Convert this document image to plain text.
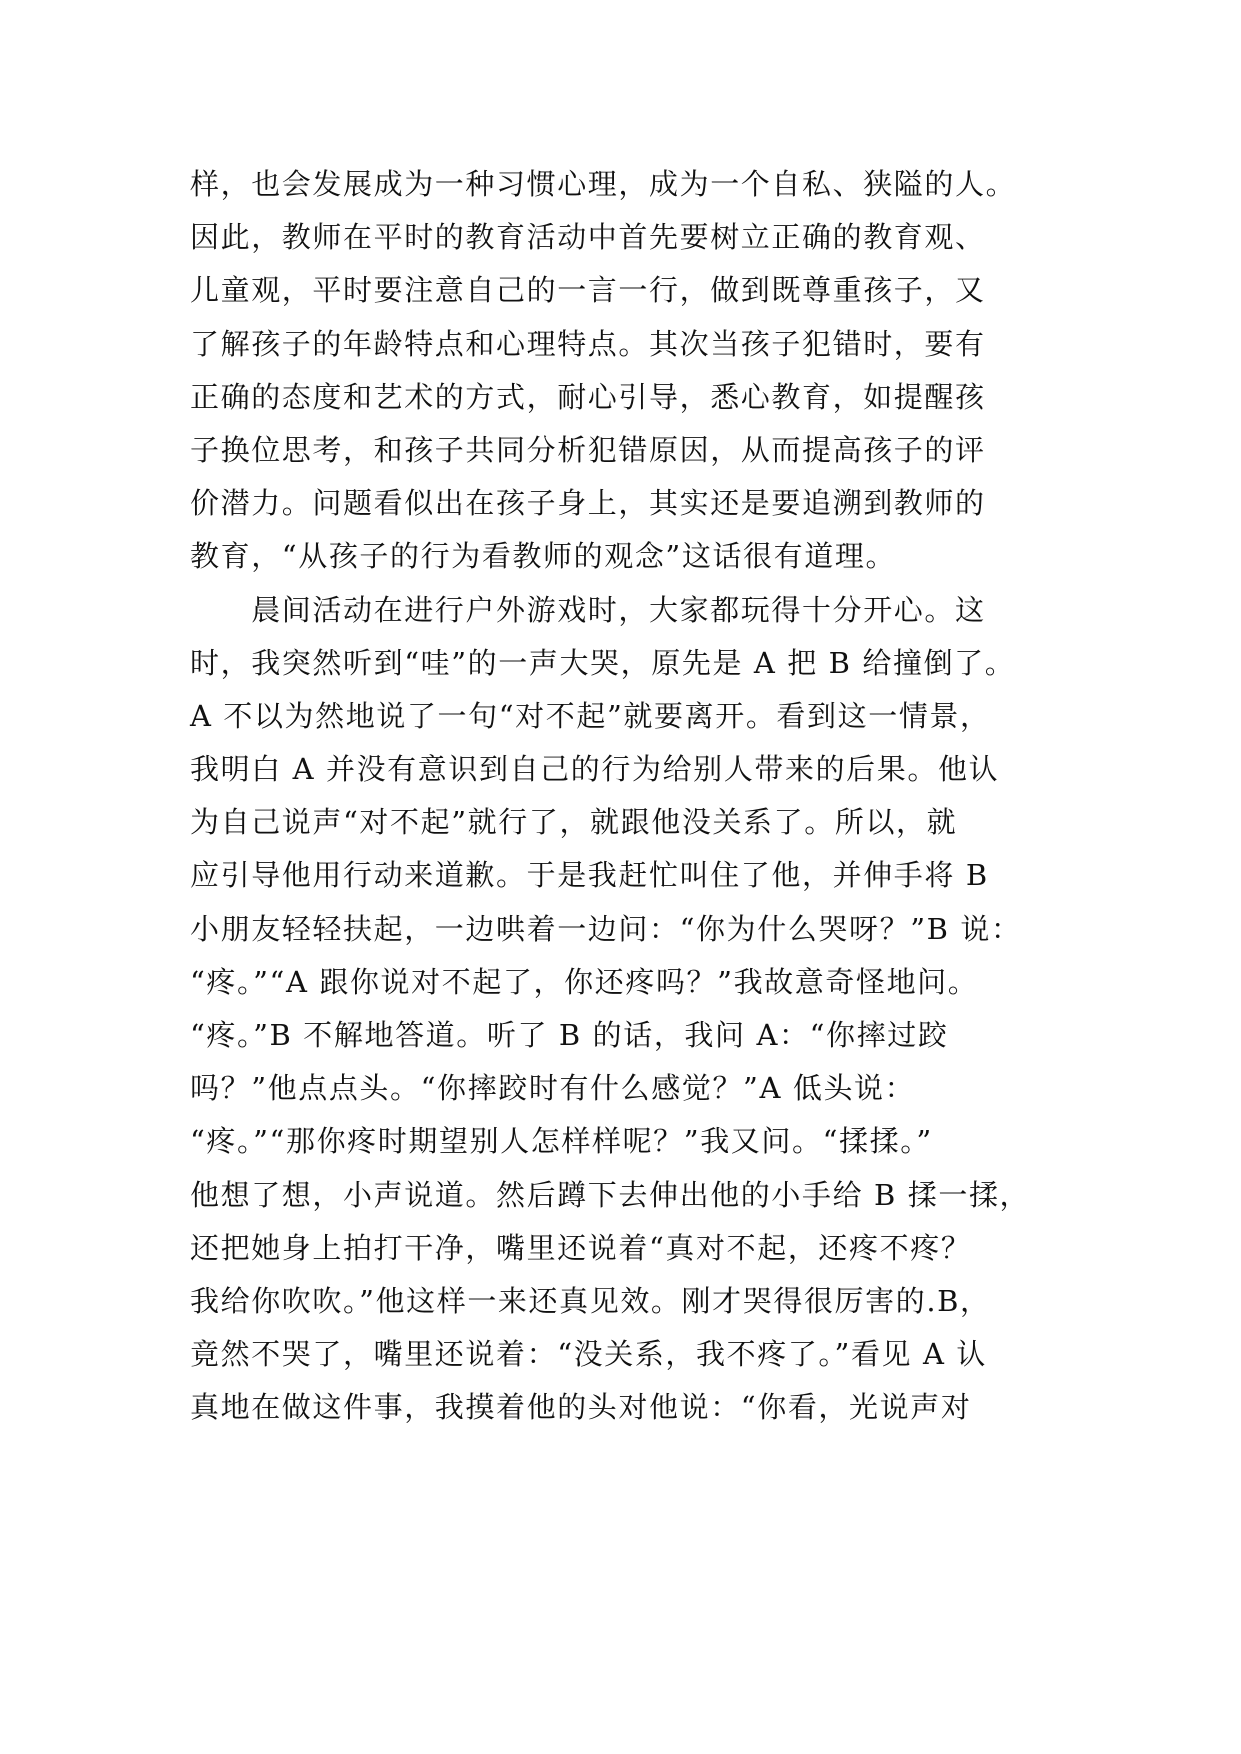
样，也会发展成为一种习惯心理，成为一个自私、狭隘的人。
因此，教师在平时的教育活动中首先要树立正确的教育观、
儿童观，平时要注意自己的一言一行，做到既尊重孩子，又
了解孩子的年龄特点和心理特点。其次当孩子犯错时，要有
正确的态度和艺术的方式，耐心引导，悉心教育，如提醒孩
子换位思考，和孩子共同分析犯错原因，从而提高孩子的评
价潜力。问题看似出在孩子身上，其实还是要追溯到教师的
教育，“从孩子的行为看教师的观念”这话很有道理。
　　晨间活动在进行户外游戏时，大家都玩得十分开心。这
时，我突然听到“哇”的一声大哭，原先是 A 把 B 给撞倒了。
A 不以为然地说了一句“对不起”就要离开。看到这一情景，
我明白 A 并没有意识到自己的行为给别人带来的后果。他认
为自己说声“对不起”就行了，就跟他没关系了。所以，就
应引导他用行动来道歉。于是我赶忙叫住了他，并伸手将 B
小朋友轻轻扶起，一边哄着一边问：“你为什么哭呀？”B 说：
“疼。”“A 跟你说对不起了，你还疼吗？”我故意奇怪地问。
“疼。”B 不解地答道。听了 B 的话，我问 A：“你摔过跤
吗？”他点点头。“你摔跤时有什么感觉？”A 低头说：
“疼。”“那你疼时期望别人怎样样呢？”我又问。“揉揉。”
他想了想，小声说道。然后蹲下去伸出他的小手给 B 揉一揉，
还把她身上拍打干净，嘴里还说着“真对不起，还疼不疼？
我给你吹吹。”他这样一来还真见效。刚才哭得很厉害的.B，
竟然不哭了，嘴里还说着：“没关系，我不疼了。”看见 A 认
真地在做这件事，我摸着他的头对他说：“你看，光说声对
